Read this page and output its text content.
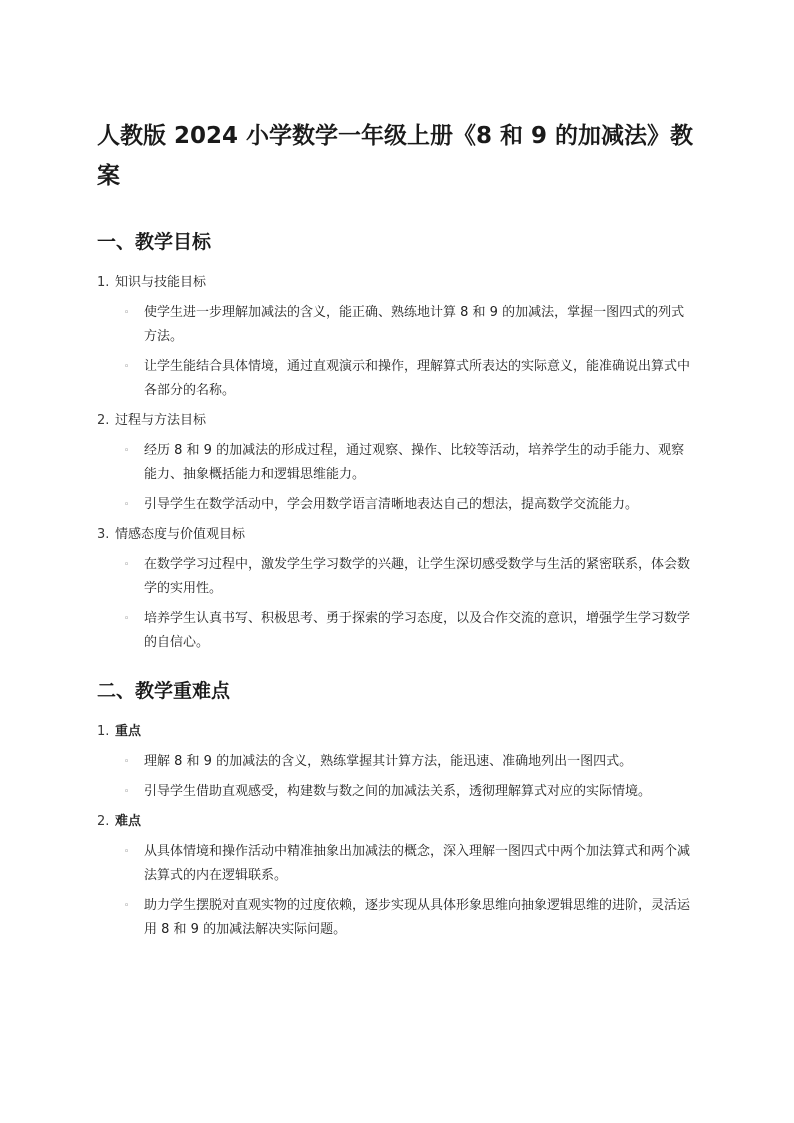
人教版 2024 小学数学一年级上册《8 和 9 的加减法》教案
一、教学目标
1. 知识与技能目标
◦	使学生进一步理解加减法的含义，能正确、熟练地计算 8 和 9 的加减法，掌握一图四式的列式方法。
◦	让学生能结合具体情境，通过直观演示和操作，理解算式所表达的实际意义，能准确说出算式中各部分的名称。
2. 过程与方法目标
◦	经历 8 和 9 的加减法的形成过程，通过观察、操作、比较等活动，培养学生的动手能力、观察能力、抽象概括能力和逻辑思维能力。
◦	引导学生在数学活动中，学会用数学语言清晰地表达自己的想法，提高数学交流能力。
3. 情感态度与价值观目标
◦	在数学学习过程中，激发学生学习数学的兴趣，让学生深切感受数学与生活的紧密联系，体会数学的实用性。
◦	培养学生认真书写、积极思考、勇于探索的学习态度，以及合作交流的意识，增强学生学习数学的自信心。
二、教学重难点
1. 重点
◦	理解 8 和 9 的加减法的含义，熟练掌握其计算方法，能迅速、准确地列出一图四式。
◦	引导学生借助直观感受，构建数与数之间的加减法关系，透彻理解算式对应的实际情境。
2. 难点
◦	从具体情境和操作活动中精准抽象出加减法的概念，深入理解一图四式中两个加法算式和两个减法算式的内在逻辑联系。
◦	助力学生摆脱对直观实物的过度依赖，逐步实现从具体形象思维向抽象逻辑思维的进阶，灵活运用 8 和 9 的加减法解决实际问题。
